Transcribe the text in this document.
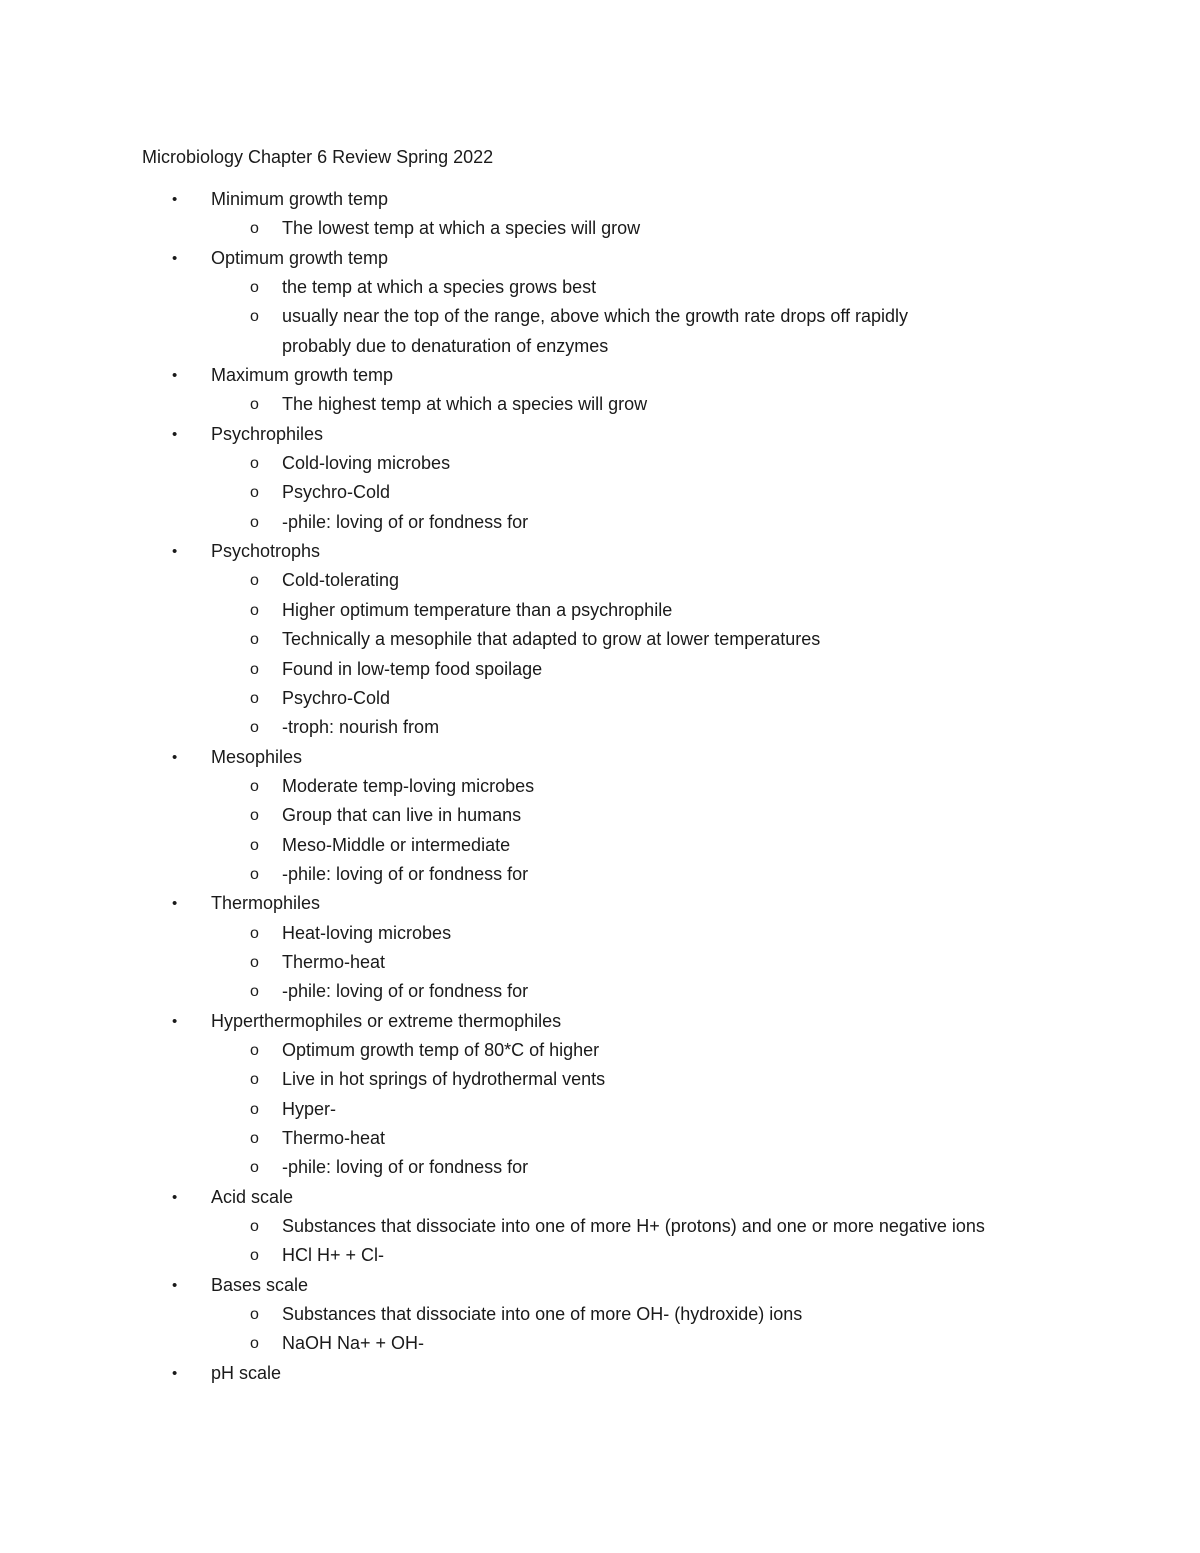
Microbiology Chapter 6 Review Spring 2022
• Minimum growth temp
o The lowest temp at which a species will grow
• Optimum growth temp
o the temp at which a species grows best
o usually near the top of the range, above which the growth rate drops off rapidly
probably due to denaturation of enzymes
• Maximum growth temp
o The highest temp at which a species will grow
• Psychrophiles
o Cold-loving microbes
o Psychro-Cold
o -phile: loving of or fondness for
• Psychotrophs
o Cold-tolerating
o Higher optimum temperature than a psychrophile
o Technically a mesophile that adapted to grow at lower temperatures
o Found in low-temp food spoilage
o Psychro-Cold
o -troph: nourish from
• Mesophiles
o Moderate temp-loving microbes
o Group that can live in humans
o Meso-Middle or intermediate
o -phile: loving of or fondness for
• Thermophiles
o Heat-loving microbes
o Thermo-heat
o -phile: loving of or fondness for
• Hyperthermophiles or extreme thermophiles
o Optimum growth temp of 80*C of higher
o Live in hot springs of hydrothermal vents
o Hyper-
o Thermo-heat
o -phile: loving of or fondness for
• Acid scale
o Substances that dissociate into one of more H+ (protons) and one or more negative ions
o HCl H+ + Cl-
• Bases scale
o Substances that dissociate into one of more OH- (hydroxide) ions
o NaOH Na+ + OH-
• pH scale
